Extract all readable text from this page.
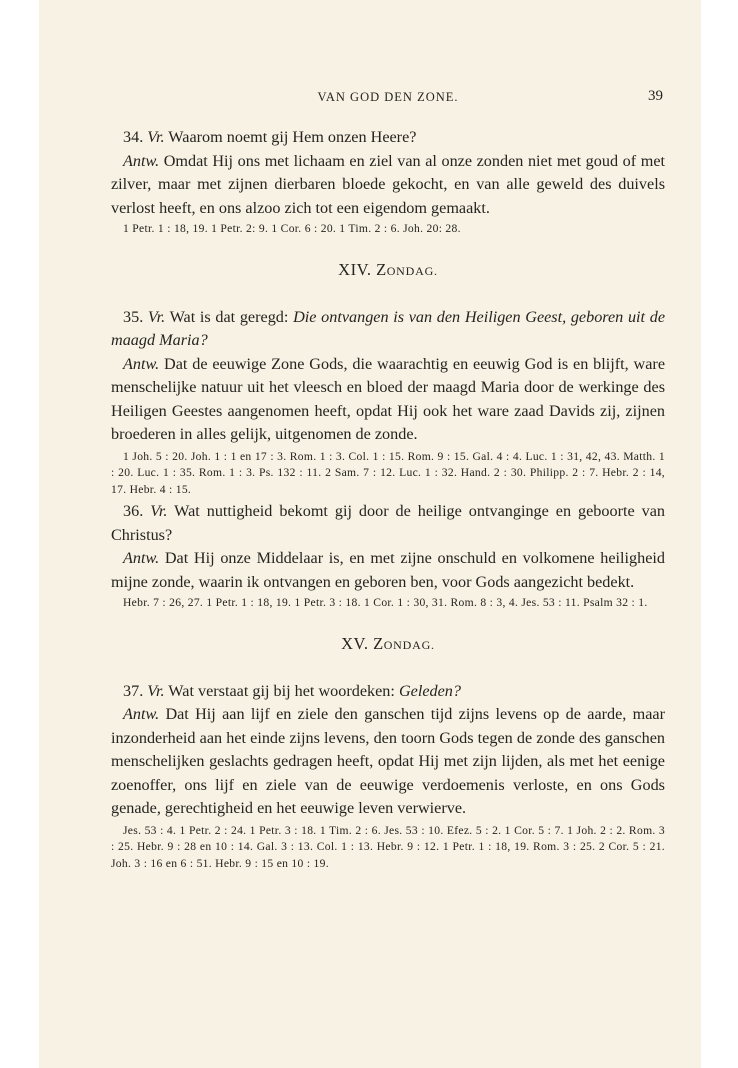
VAN GOD DEN ZONE.	39

34. Vr. Waarom noemt gij Hem onzen Heere?

Antw. Omdat Hij ons met lichaam en ziel van al onze zonden niet met goud of met zilver, maar met zijnen dierbaren bloede gekocht, en van alle geweld des duivels verlost heeft, en ons alzoo zich tot een eigendom gemaakt.

1 Petr. 1 : 18, 19. 1 Petr. 2: 9. 1 Cor. 6 : 20. 1 Tim. 2 : 6. Joh. 20: 28.

XIV. ZONDAG.

35. Vr. Wat is dat geregd: Die ontvangen is van den Heiligen Geest, geboren uit de maagd Maria?

Antw. Dat de eeuwige Zone Gods, die waarachtig en eeuwig God is en blijft, ware menschelijke natuur uit het vleesch en bloed der maagd Maria door de werkinge des Heiligen Geestes aangenomen heeft, opdat Hij ook het ware zaad Davids zij, zijnen broederen in alles gelijk, uitgenomen de zonde.

1 Joh. 5 : 20. Joh. 1 : 1 en 17 : 3. Rom. 1 : 3. Col. 1 : 15. Rom. 9 : 15. Gal. 4 : 4. Luc. 1 : 31, 42, 43. Matth. 1 : 20. Luc. 1 : 35. Rom. 1 : 3. Ps. 132 : 11. 2 Sam. 7 : 12. Luc. 1 : 32. Hand. 2 : 30. Philipp. 2 : 7. Hebr. 2 : 14, 17. Hebr. 4 : 15.

36. Vr. Wat nuttigheid bekomt gij door de heilige ontvanginge en geboorte van Christus?

Antw. Dat Hij onze Middelaar is, en met zijne onschuld en volkomene heiligheid mijne zonde, waarin ik ontvangen en geboren ben, voor Gods aangezicht bedekt.

Hebr. 7 : 26, 27. 1 Petr. 1 : 18, 19. 1 Petr. 3 : 18. 1 Cor. 1 : 30, 31. Rom. 8 : 3, 4. Jes. 53 : 11. Psalm 32 : 1.

XV. ZONDAG.

37. Vr. Wat verstaat gij bij het woordeken: Geleden?

Antw. Dat Hij aan lijf en ziele den ganschen tijd zijns levens op de aarde, maar inzonderheid aan het einde zijns levens, den toorn Gods tegen de zonde des ganschen menschelijken geslachts gedragen heeft, opdat Hij met zijn lijden, als met het eenige zoenoffer, ons lijf en ziele van de eeuwige verdoemenis verloste, en ons Gods genade, gerechtigheid en het eeuwige leven verwierve.

Jes. 53 : 4. 1 Petr. 2 : 24. 1 Petr. 3 : 18. 1 Tim. 2 : 6. Jes. 53 : 10. Efez. 5 : 2. 1 Cor. 5 : 7. 1 Joh. 2 : 2. Rom. 3 : 25. Hebr. 9 : 28 en 10 : 14. Gal. 3 : 13. Col. 1 : 13. Hebr. 9 : 12. 1 Petr. 1 : 18, 19. Rom. 3 : 25. 2 Cor. 5 : 21. Joh. 3 : 16 en 6 : 51. Hebr. 9 : 15 en 10 : 19.
